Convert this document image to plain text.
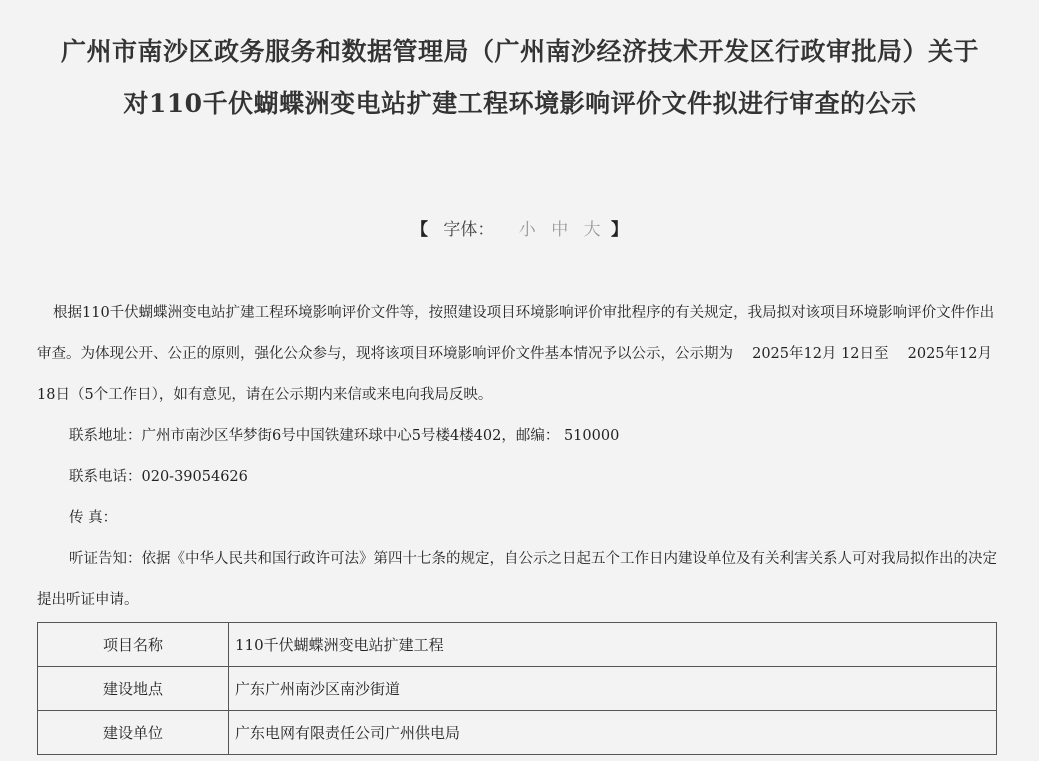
广州市南沙区政务服务和数据管理局（广州南沙经济技术开发区行政审批局）关于对110千伏蝴蝶洲变电站扩建工程环境影响评价文件拟进行审查的公示
【 字体： 小 中 大 】

根据110千伏蝴蝶洲变电站扩建工程环境影响评价文件等，按照建设项目环境影响评价审批程序的有关规定，我局拟对该项目环境影响评价文件作出审查。为体现公开、公正的原则，强化公众参与，现将该项目环境影响评价文件基本情况予以公示，公示期为　 2025年12月 12日至　 2025年12月18日（5个工作日），如有意见，请在公示期内来信或来电向我局反映。

联系地址：广州市南沙区华梦街6号中国铁建环球中心5号楼4楼402，邮编： 510000

联系电话：020-39054626

传 真：

听证告知：依据《中华人民共和国行政许可法》第四十七条的规定，自公示之日起五个工作日内建设单位及有关利害关系人可对我局拟作出的决定提出听证申请。

项目名称	110千伏蝴蝶洲变电站扩建工程
建设地点	广东广州南沙区南沙街道
建设单位	广东电网有限责任公司广州供电局
